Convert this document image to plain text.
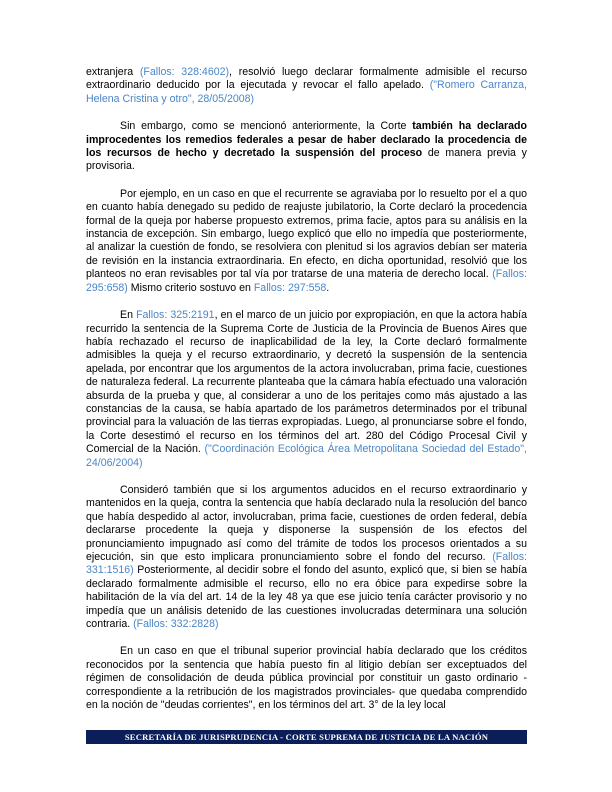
extranjera (Fallos: 328:4602), resolvió luego declarar formalmente admisible el recurso extraordinario deducido por la ejecutada y revocar el fallo apelado. ("Romero Carranza, Helena Cristina y otro", 28/05/2008)

Sin embargo, como se mencionó anteriormente, la Corte también ha declarado improcedentes los remedios federales a pesar de haber declarado la procedencia de los recursos de hecho y decretado la suspensión del proceso de manera previa y provisoria.

Por ejemplo, en un caso en que el recurrente se agraviaba por lo resuelto por el a quo en cuanto había denegado su pedido de reajuste jubilatorio, la Corte declaró la procedencia formal de la queja por haberse propuesto extremos, prima facie, aptos para su análisis en la instancia de excepción. Sin embargo, luego explicó que ello no impedía que posteriormente, al analizar la cuestión de fondo, se resolviera con plenitud si los agravios debían ser materia de revisión en la instancia extraordinaria. En efecto, en dicha oportunidad, resolvió que los planteos no eran revisables por tal vía por tratarse de una materia de derecho local. (Fallos: 295:658) Mismo criterio sostuvo en Fallos: 297:558.

En Fallos: 325:2191, en el marco de un juicio por expropiación, en que la actora había recurrido la sentencia de la Suprema Corte de Justicia de la Provincia de Buenos Aires que había rechazado el recurso de inaplicabilidad de la ley, la Corte declaró formalmente admisibles la queja y el recurso extraordinario, y decretó la suspensión de la sentencia apelada, por encontrar que los argumentos de la actora involucraban, prima facie, cuestiones de naturaleza federal. La recurrente planteaba que la cámara había efectuado una valoración absurda de la prueba y que, al considerar a uno de los peritajes como más ajustado a las constancias de la causa, se había apartado de los parámetros determinados por el tribunal provincial para la valuación de las tierras expropiadas. Luego, al pronunciarse sobre el fondo, la Corte desestimó el recurso en los términos del art. 280 del Código Procesal Civil y Comercial de la Nación. ("Coordinación Ecológica Área Metropolitana Sociedad del Estado", 24/06/2004)

Consideró también que si los argumentos aducidos en el recurso extraordinario y mantenidos en la queja, contra la sentencia que había declarado nula la resolución del banco que había despedido al actor, involucraban, prima facie, cuestiones de orden federal, debía declararse procedente la queja y disponerse la suspensión de los efectos del pronunciamiento impugnado así como del trámite de todos los procesos orientados a su ejecución, sin que esto implicara pronunciamiento sobre el fondo del recurso. (Fallos: 331:1516) Posteriormente, al decidir sobre el fondo del asunto, explicó que, si bien se había declarado formalmente admisible el recurso, ello no era óbice para expedirse sobre la habilitación de la vía del art. 14 de la ley 48 ya que ese juicio tenía carácter provisorio y no impedía que un análisis detenido de las cuestiones involucradas determinara una solución contraria. (Fallos: 332:2828)

En un caso en que el tribunal superior provincial había declarado que los créditos reconocidos por la sentencia que había puesto fin al litigio debían ser exceptuados del régimen de consolidación de deuda pública provincial por constituir un gasto ordinario -correspondiente a la retribución de los magistrados provinciales- que quedaba comprendido en la noción de "deudas corrientes", en los términos del art. 3° de la ley local

SECRETARÍA DE JURISPRUDENCIA - CORTE SUPREMA DE JUSTICIA DE LA NACIÓN
